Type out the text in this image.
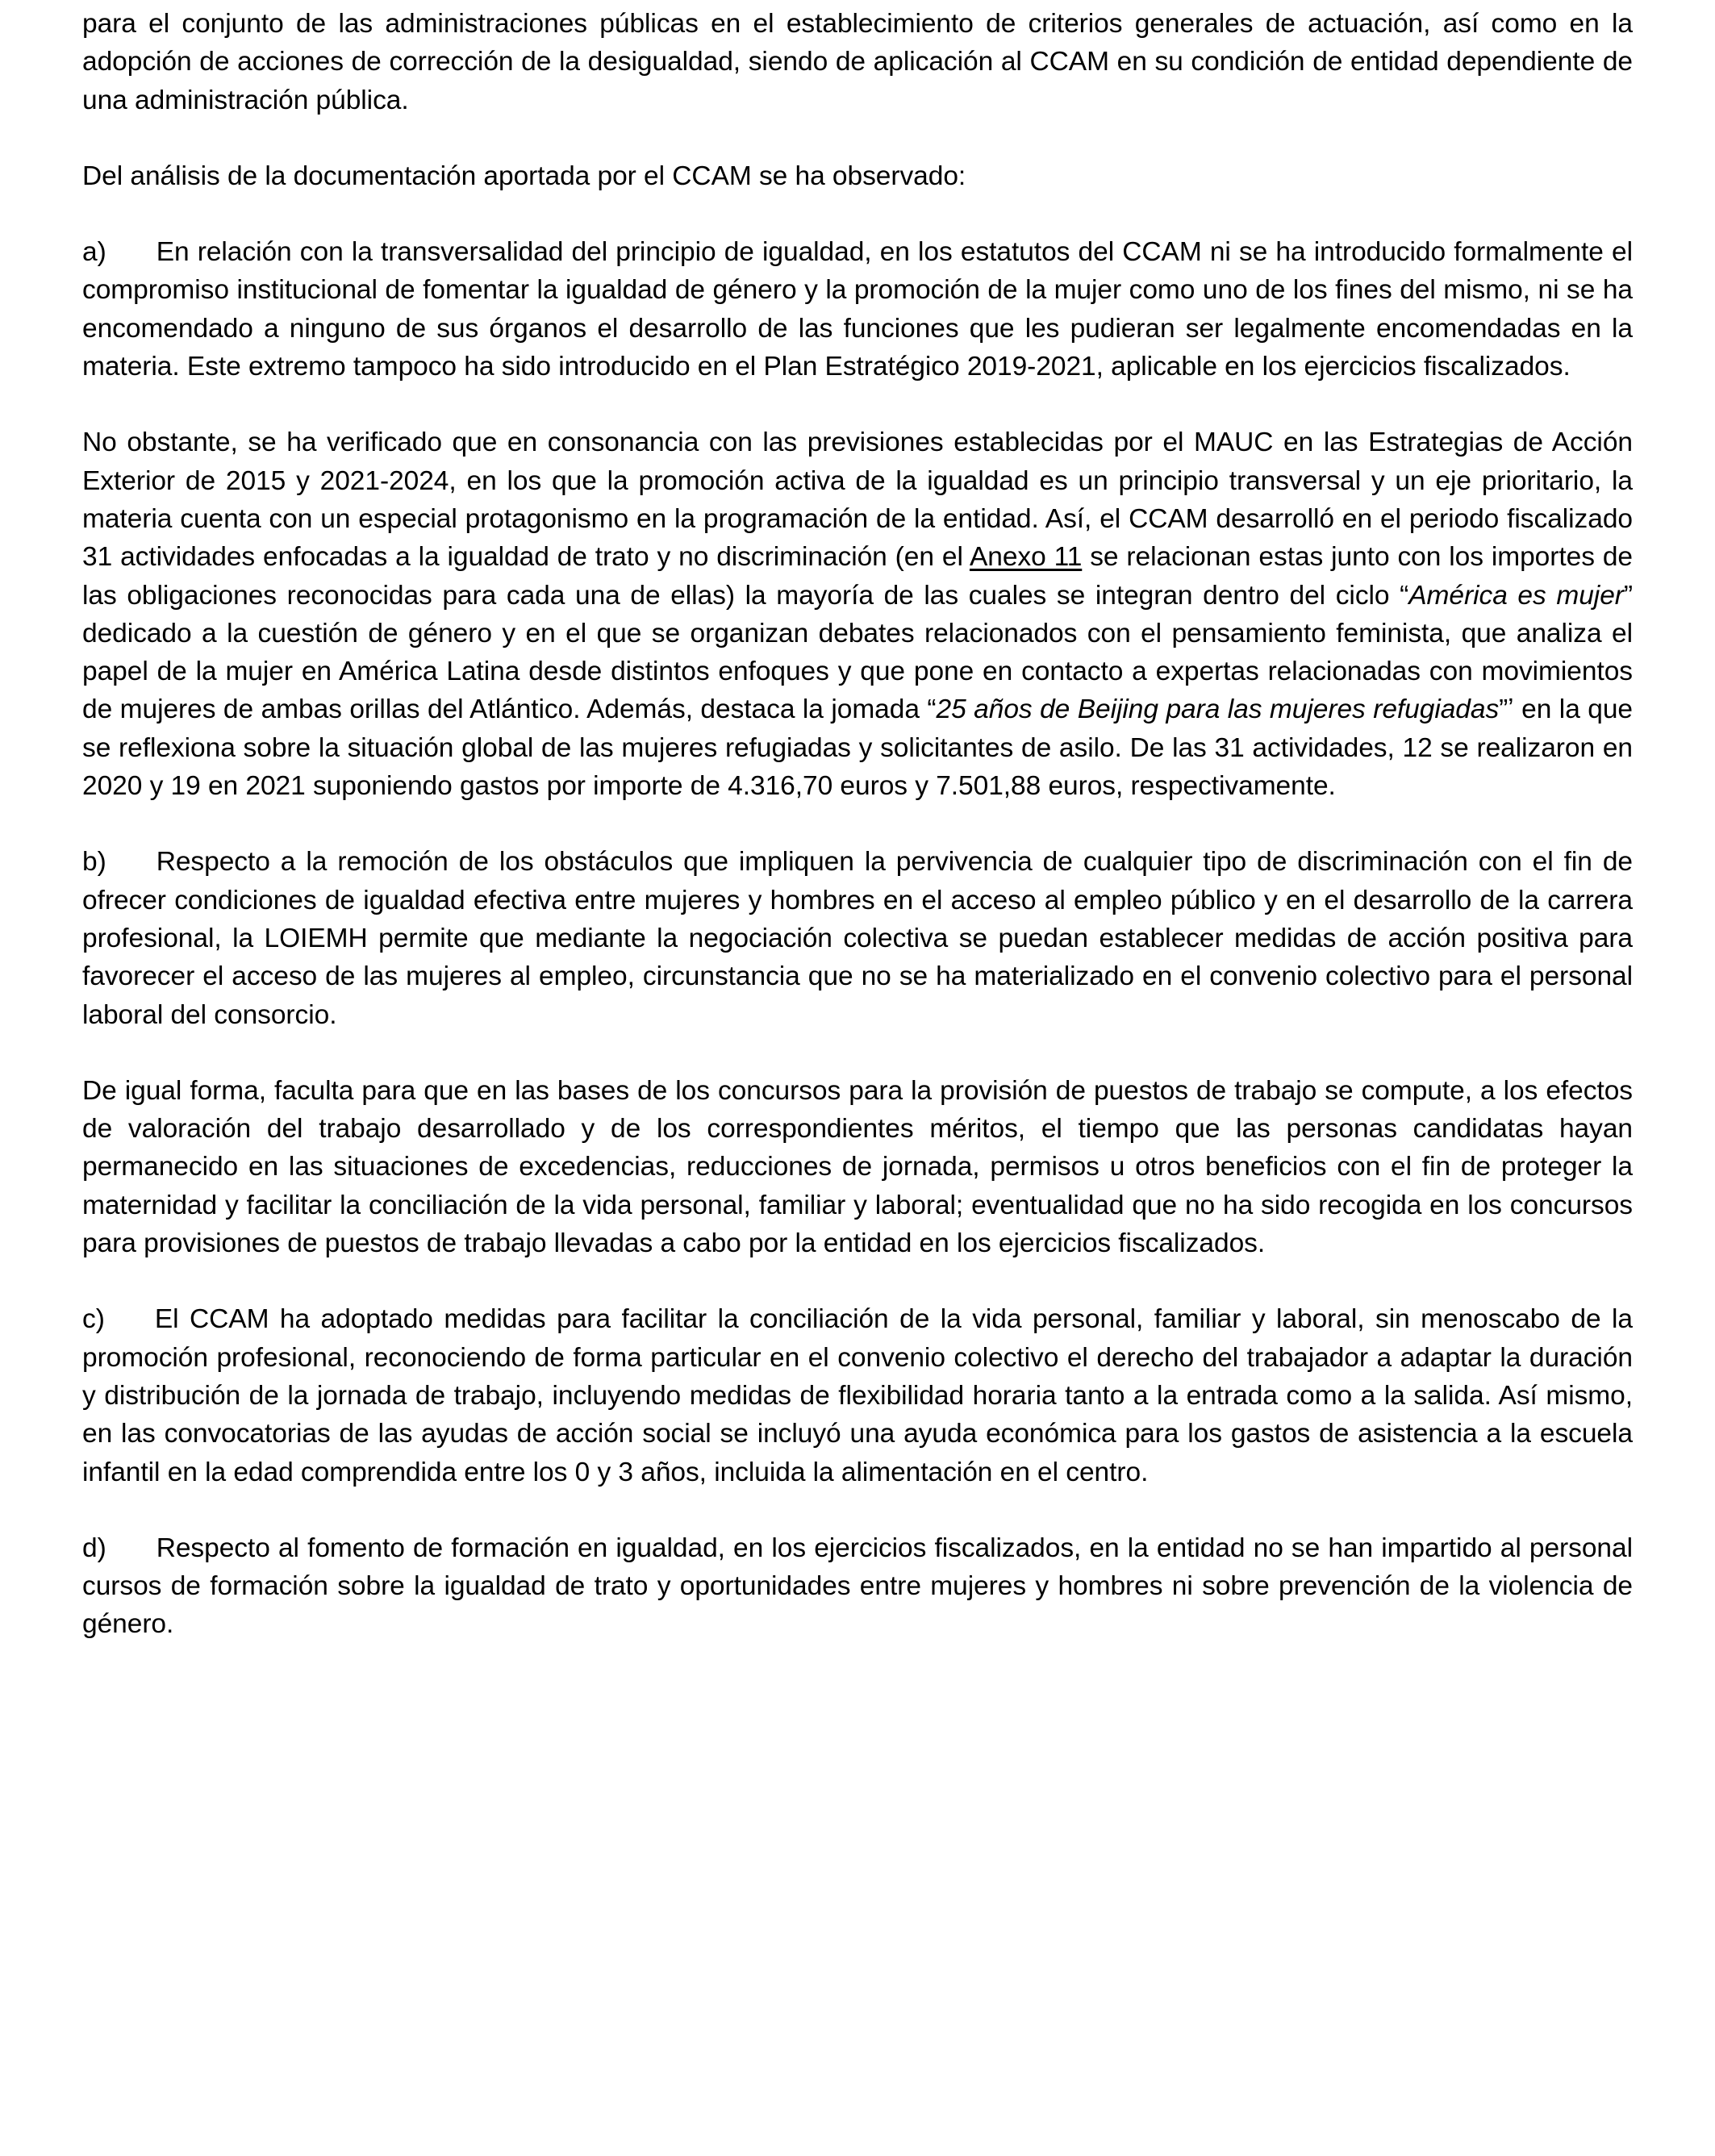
para el conjunto de las administraciones públicas en el establecimiento de criterios generales de actuación, así como en la adopción de acciones de corrección de la desigualdad, siendo de aplicación al CCAM en su condición de entidad dependiente de una administración pública.

Del análisis de la documentación aportada por el CCAM se ha observado:

a) En relación con la transversalidad del principio de igualdad, en los estatutos del CCAM ni se ha introducido formalmente el compromiso institucional de fomentar la igualdad de género y la promoción de la mujer como uno de los fines del mismo, ni se ha encomendado a ninguno de sus órganos el desarrollo de las funciones que les pudieran ser legalmente encomendadas en la materia. Este extremo tampoco ha sido introducido en el Plan Estratégico 2019-2021, aplicable en los ejercicios fiscalizados.

No obstante, se ha verificado que en consonancia con las previsiones establecidas por el MAUC en las Estrategias de Acción Exterior de 2015 y 2021-2024, en los que la promoción activa de la igualdad es un principio transversal y un eje prioritario, la materia cuenta con un especial protagonismo en la programación de la entidad. Así, el CCAM desarrolló en el periodo fiscalizado 31 actividades enfocadas a la igualdad de trato y no discriminación (en el Anexo 11 se relacionan estas junto con los importes de las obligaciones reconocidas para cada una de ellas) la mayoría de las cuales se integran dentro del ciclo “América es mujer” dedicado a la cuestión de género y en el que se organizan debates relacionados con el pensamiento feminista, que analiza el papel de la mujer en América Latina desde distintos enfoques y que pone en contacto a expertas relacionadas con movimientos de mujeres de ambas orillas del Atlántico. Además, destaca la jomada “25 años de Beijing para las mujeres refugiadas”ʼ en la que se reflexiona sobre la situación global de las mujeres refugiadas y solicitantes de asilo. De las 31 actividades, 12 se realizaron en 2020 y 19 en 2021 suponiendo gastos por importe de 4.316,70 euros y 7.501,88 euros, respectivamente.

b) Respecto a la remoción de los obstáculos que impliquen la pervivencia de cualquier tipo de discriminación con el fin de ofrecer condiciones de igualdad efectiva entre mujeres y hombres en el acceso al empleo público y en el desarrollo de la carrera profesional, la LOIEMH permite que mediante la negociación colectiva se puedan establecer medidas de acción positiva para favorecer el acceso de las mujeres al empleo, circunstancia que no se ha materializado en el convenio colectivo para el personal laboral del consorcio.

De igual forma, faculta para que en las bases de los concursos para la provisión de puestos de trabajo se compute, a los efectos de valoración del trabajo desarrollado y de los correspondientes méritos, el tiempo que las personas candidatas hayan permanecido en las situaciones de excedencias, reducciones de jornada, permisos u otros beneficios con el fin de proteger la maternidad y facilitar la conciliación de la vida personal, familiar y laboral; eventualidad que no ha sido recogida en los concursos para provisiones de puestos de trabajo llevadas a cabo por la entidad en los ejercicios fiscalizados.

c) El CCAM ha adoptado medidas para facilitar la conciliación de la vida personal, familiar y laboral, sin menoscabo de la promoción profesional, reconociendo de forma particular en el convenio colectivo el derecho del trabajador a adaptar la duración y distribución de la jornada de trabajo, incluyendo medidas de flexibilidad horaria tanto a la entrada como a la salida. Así mismo, en las convocatorias de las ayudas de acción social se incluyó una ayuda económica para los gastos de asistencia a la escuela infantil en la edad comprendida entre los 0 y 3 años, incluida la alimentación en el centro.

d) Respecto al fomento de formación en igualdad, en los ejercicios fiscalizados, en la entidad no se han impartido al personal cursos de formación sobre la igualdad de trato y oportunidades entre mujeres y hombres ni sobre prevención de la violencia de género.
